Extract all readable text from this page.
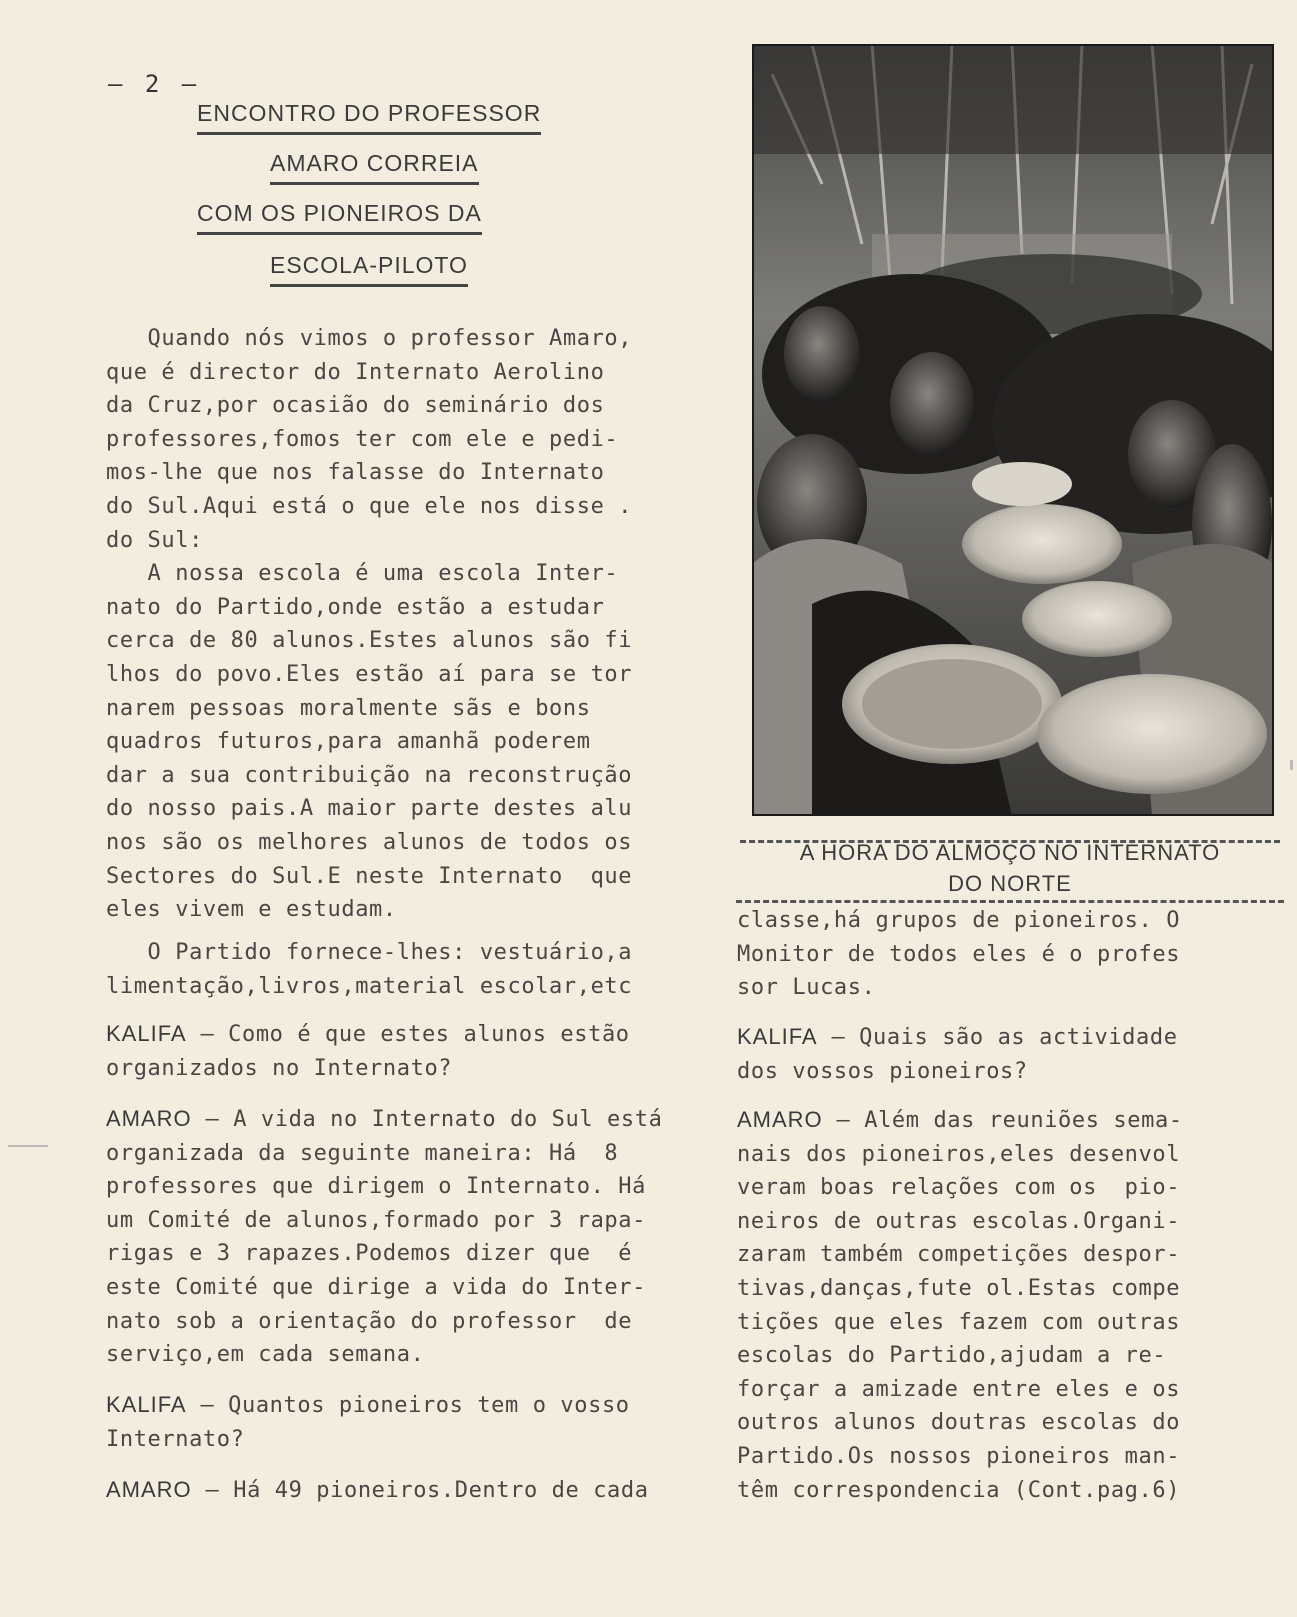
– 2 –
ENCONTRO DO PROFESSOR
AMARO CORREIA
COM OS PIONEIROS DA
ESCOLA-PILOTO
Quando nós vimos o professor Amaro,
que é director do Internato Aerolino
da Cruz,por ocasião do seminário dos
professores,fomos ter com ele e pedi-
mos-lhe que nos falasse do Internato
do Sul.Aqui está o que ele nos disse .
do Sul:
A nossa escola é uma escola Inter-
nato do Partido,onde estão a estudar
cerca de 80 alunos.Estes alunos são fi
lhos do povo.Eles estão aí para se tor
narem pessoas moralmente sãs e bons
quadros futuros,para amanhã poderem
dar a sua contribuição na reconstrução
do nosso pais.A maior parte destes alu
nos são os melhores alunos de todos os
Sectores do Sul.E neste Internato  que
eles vivem e estudam.
O Partido fornece-lhes: vestuário,a
limentação,livros,material escolar,etc
KALIFA – Como é que estes alunos estão
organizados no Internato?
AMARO – A vida no Internato do Sul está
organizada da seguinte maneira: Há  8
professores que dirigem o Internato. Há
um Comité de alunos,formado por 3 rapa-
rigas e 3 rapazes.Podemos dizer que  é
este Comité que dirige a vida do Inter-
nato sob a orientação do professor  de
serviço,em cada semana.
KALIFA – Quantos pioneiros tem o vosso
Internato?
AMARO – Há 49 pioneiros.Dentro de cada
A HORA DO ALMOÇO NO INTERNATO
DO NORTE
classe,há grupos de pioneiros. O
Monitor de todos eles é o profes
sor Lucas.
KALIFA – Quais são as actividade
dos vossos pioneiros?
AMARO – Além das reuniões sema-
nais dos pioneiros,eles desenvol
veram boas relações com os  pio-
neiros de outras escolas.Organi-
zaram também competições despor-
tivas,danças,fute ol.Estas compe
tições que eles fazem com outras
escolas do Partido,ajudam a re-
forçar a amizade entre eles e os
outros alunos doutras escolas do
Partido.Os nossos pioneiros man-
têm correspondencia (Cont.pag.6)
